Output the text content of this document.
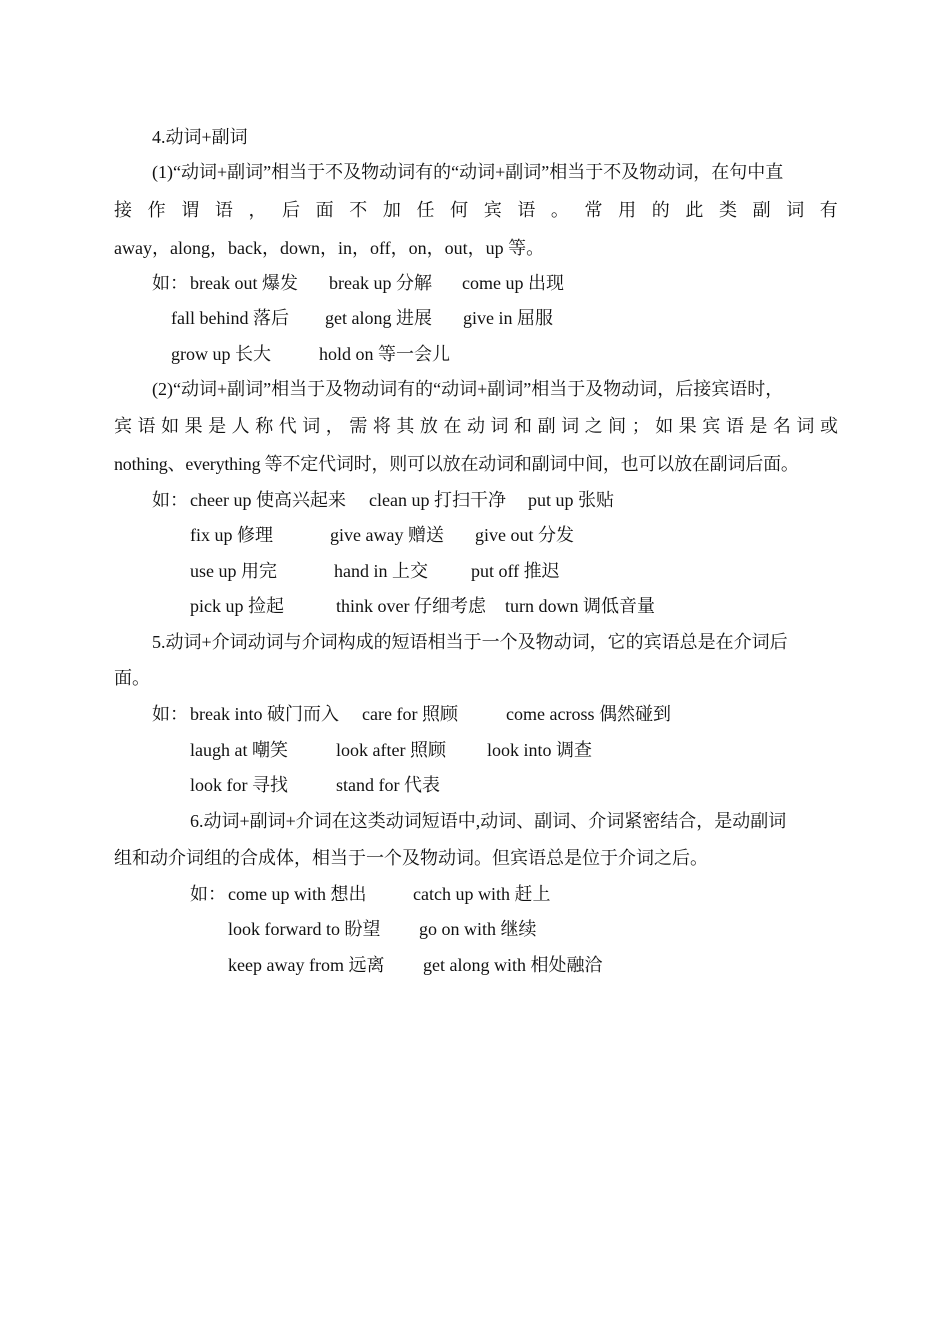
4.动词+副词
(1)“动词+副词”相当于不及物动词有的“动词+副词”相当于不及物动词，在句中直
接 作 谓 语 ， 后 面 不 加 任 何 宾 语 。 常 用 的 此 类 副 词 有
away，along，back，down，in，off，on，out，up 等。
如： break out 爆发 break up 分解 come up 出现
fall behind 落后 get along 进展 give in 屈服
grow up 长大	hold on 等一会儿
(2)“动词+副词”相当于及物动词有的“动词+副词”相当于及物动词，后接宾语时，
宾 语 如 果 是 人 称 代 词 ， 需 将 其 放 在 动 词 和 副 词 之 间 ； 如 果 宾 语 是 名 词 或
nothing、everything 等不定代词时，则可以放在动词和副词中间，也可以放在副词后面。
如： cheer up 使高兴起来 clean up 打扫干净 put up 张贴
fix up 修理	give away 赠送 give out 分发
use up 用完	hand in 上交 put off 推迟
pick up 捡起	think over 仔细考虑 turn down 调低音量
5.动词+介词动词与介词构成的短语相当于一个及物动词，它的宾语总是在介词后
面。
如： break into 破门而入 care for 照顾	come across 偶然碰到
laugh at 嘲笑	look after 照顾 look into 调查
look for 寻找	stand for 代表
6.动词+副词+介词在这类动词短语中,动词、副词、介词紧密结合，是动副词
组和动介词组的合成体，相当于一个及物动词。但宾语总是位于介词之后。
如： come up with 想出	catch up with 赶上
look forward to 盼望 go on with 继续
keep away from 远离 get along with 相处融洽
